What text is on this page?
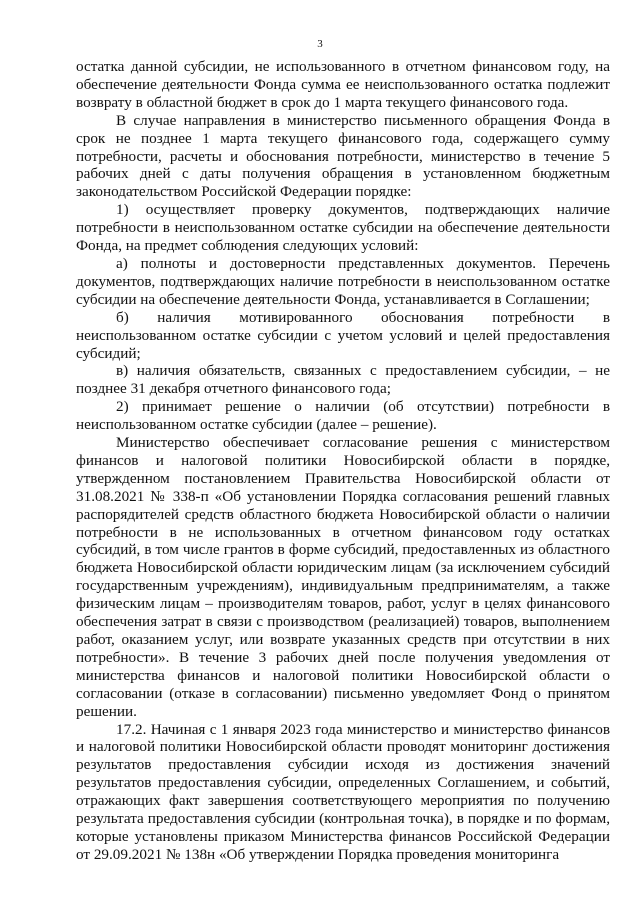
3

остатка данной субсидии, не использованного в отчетном финансовом году, на обеспечение деятельности Фонда сумма ее неиспользованного остатка подлежит возврату в областной бюджет в срок до 1 марта текущего финансового года.

В случае направления в министерство письменного обращения Фонда в срок не позднее 1 марта текущего финансового года, содержащего сумму потребности, расчеты и обоснования потребности, министерство в течение 5 рабочих дней с даты получения обращения в установленном бюджетным законодательством Российской Федерации порядке:

1) осуществляет проверку документов, подтверждающих наличие потребности в неиспользованном остатке субсидии на обеспечение деятельности Фонда, на предмет соблюдения следующих условий:

а) полноты и достоверности представленных документов. Перечень документов, подтверждающих наличие потребности в неиспользованном остатке субсидии на обеспечение деятельности Фонда, устанавливается в Соглашении;

б) наличия мотивированного обоснования потребности в неиспользованном остатке субсидии с учетом условий и целей предоставления субсидий;

в) наличия обязательств, связанных с предоставлением субсидии, – не позднее 31 декабря отчетного финансового года;

2) принимает решение о наличии (об отсутствии) потребности в неиспользованном остатке субсидии (далее – решение).

Министерство обеспечивает согласование решения с министерством финансов и налоговой политики Новосибирской области в порядке, утвержденном постановлением Правительства Новосибирской области от 31.08.2021 № 338-п «Об установлении Порядка согласования решений главных распорядителей средств областного бюджета Новосибирской области о наличии потребности в не использованных в отчетном финансовом году остатках субсидий, в том числе грантов в форме субсидий, предоставленных из областного бюджета Новосибирской области юридическим лицам (за исключением субсидий государственным учреждениям), индивидуальным предпринимателям, а также физическим лицам – производителям товаров, работ, услуг в целях финансового обеспечения затрат в связи с производством (реализацией) товаров, выполнением работ, оказанием услуг, или возврате указанных средств при отсутствии в них потребности». В течение 3 рабочих дней после получения уведомления от министерства финансов и налоговой политики Новосибирской области о согласовании (отказе в согласовании) письменно уведомляет Фонд о принятом решении.

17.2. Начиная с 1 января 2023 года министерство и министерство финансов и налоговой политики Новосибирской области проводят мониторинг достижения результатов предоставления субсидии исходя из достижения значений результатов предоставления субсидии, определенных Соглашением, и событий, отражающих факт завершения соответствующего мероприятия по получению результата предоставления субсидии (контрольная точка), в порядке и по формам, которые установлены приказом Министерства финансов Российской Федерации от 29.09.2021 № 138н «Об утверждении Порядка проведения мониторинга
